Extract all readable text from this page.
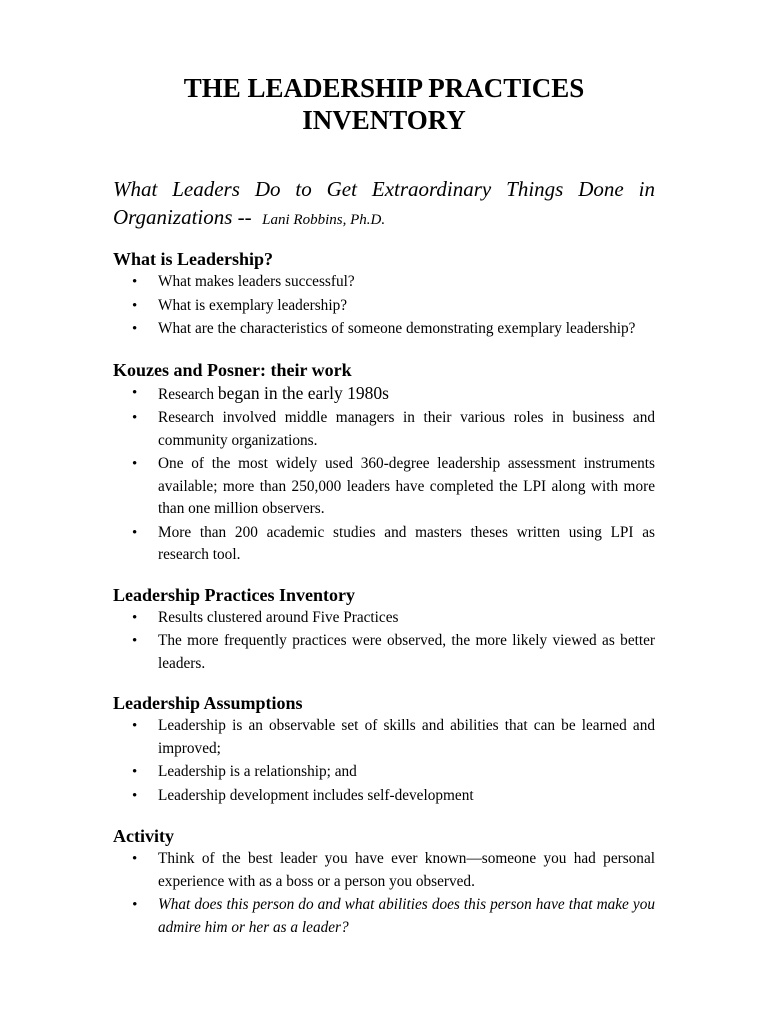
THE LEADERSHIP PRACTICES
INVENTORY

What Leaders Do to Get Extraordinary Things Done in Organizations -- Lani Robbins, Ph.D.

What is Leadership?
• What makes leaders successful?
• What is exemplary leadership?
• What are the characteristics of someone demonstrating exemplary leadership?
Kouzes and Posner: their work
• Research began in the early 1980s
• Research involved middle managers in their various roles in business and community organizations.
• One of the most widely used 360-degree leadership assessment instruments available; more than 250,000 leaders have completed the LPI along with more than one million observers.
• More than 200 academic studies and masters theses written using LPI as research tool.
Leadership Practices Inventory
• Results clustered around Five Practices
• The more frequently practices were observed, the more likely viewed as better leaders.
Leadership Assumptions
• Leadership is an observable set of skills and abilities that can be learned and improved;
• Leadership is a relationship; and
• Leadership development includes self-development
Activity
• Think of the best leader you have ever known—someone you had personal experience with as a boss or a person you observed.
• What does this person do and what abilities does this person have that make you admire him or her as a leader?
